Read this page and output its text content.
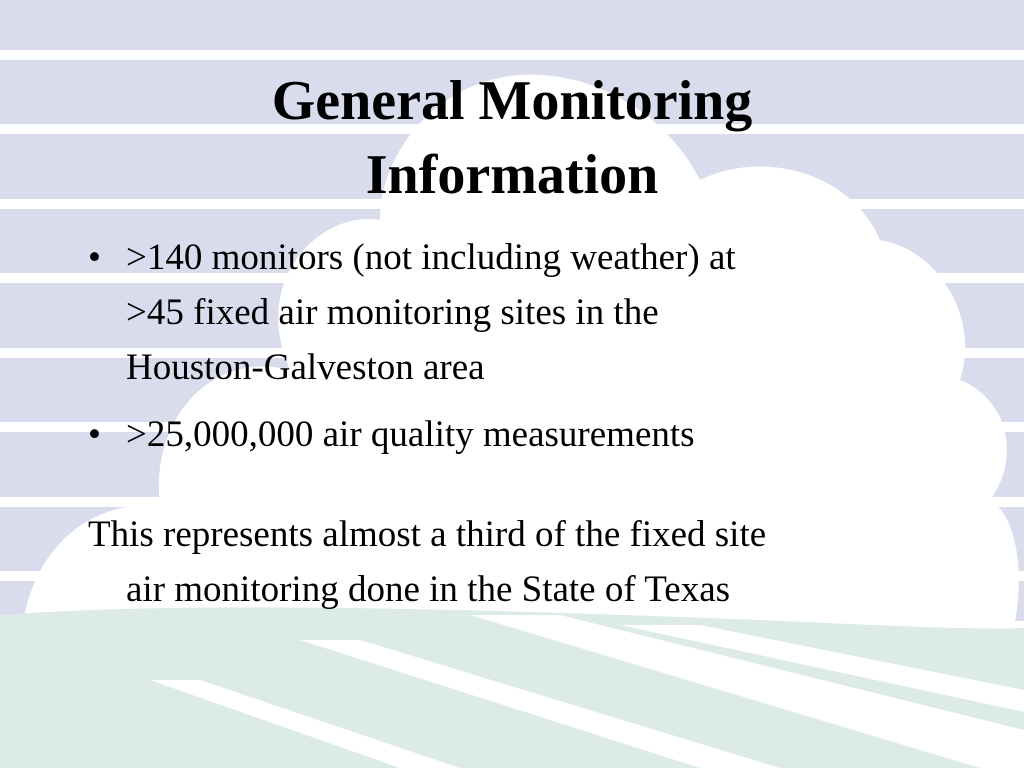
General Monitoring
Information
• >140 monitors (not including weather) at
>45 fixed air monitoring sites in the
Houston-Galveston area
• >25,000,000 air quality measurements
This represents almost a third of the fixed site
air monitoring done in the State of Texas
